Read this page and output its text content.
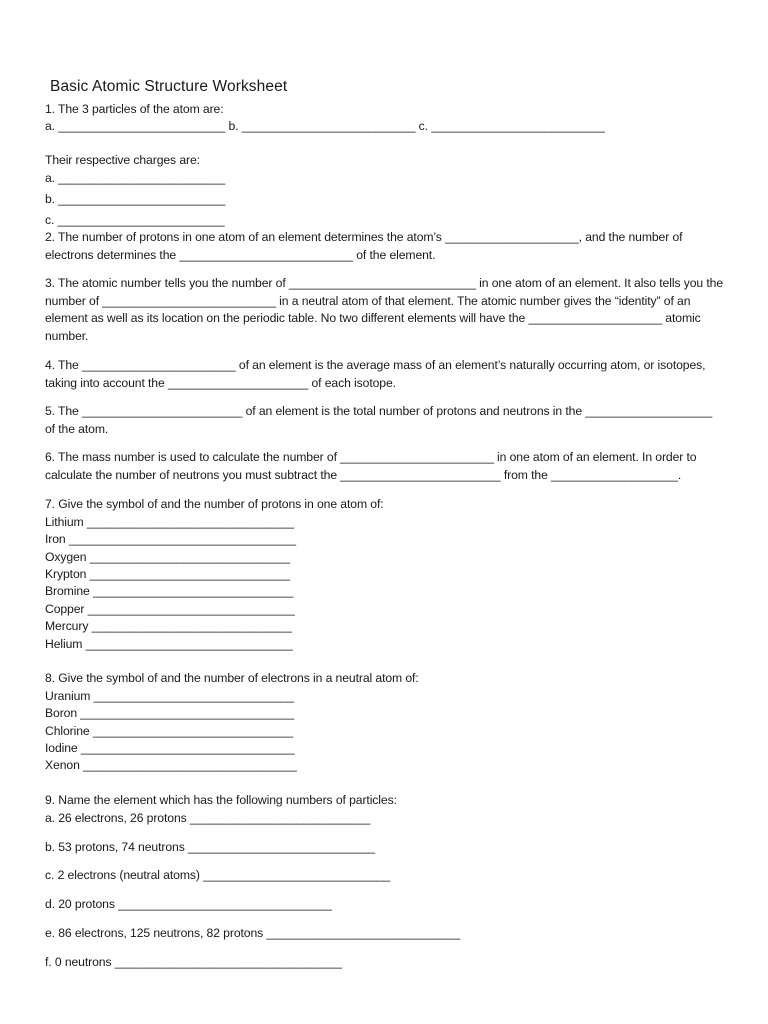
Basic Atomic Structure Worksheet
1. The 3 particles of the atom are:
a. _________________________ b. __________________________ c. __________________________
Their respective charges are:
a. _________________________
b. _________________________
c. _________________________
2. The number of protons in one atom of an element determines the atom’s ____________________, and the number of electrons determines the __________________________ of the element.
3. The atomic number tells you the number of ____________________________ in one atom of an element. It also tells you the number of __________________________ in a neutral atom of that element. The atomic number gives the “identity” of an element as well as its location on the periodic table. No two different elements will have the ____________________ atomic number.
4. The _______________________ of an element is the average mass of an element’s naturally occurring atom, or isotopes, taking into account the _____________________ of each isotope.
5. The ________________________ of an element is the total number of protons and neutrons in the ___________________ of the atom.
6. The mass number is used to calculate the number of _______________________ in one atom of an element. In order to calculate the number of neutrons you must subtract the ________________________ from the ___________________.
7. Give the symbol of and the number of protons in one atom of:
Lithium _______________________________
Iron __________________________________
Oxygen ______________________________
Krypton ______________________________
Bromine ______________________________
Copper _______________________________
Mercury ______________________________
Helium _______________________________
8. Give the symbol of and the number of electrons in a neutral atom of:
Uranium ______________________________
Boron ________________________________
Chlorine ______________________________
Iodine ________________________________
Xenon ________________________________
9. Name the element which has the following numbers of particles:
a. 26 electrons, 26 protons ___________________________
b. 53 protons, 74 neutrons ____________________________
c. 2 electrons (neutral atoms) ____________________________
d. 20 protons ________________________________
e. 86 electrons, 125 neutrons, 82 protons _____________________________
f. 0 neutrons __________________________________
